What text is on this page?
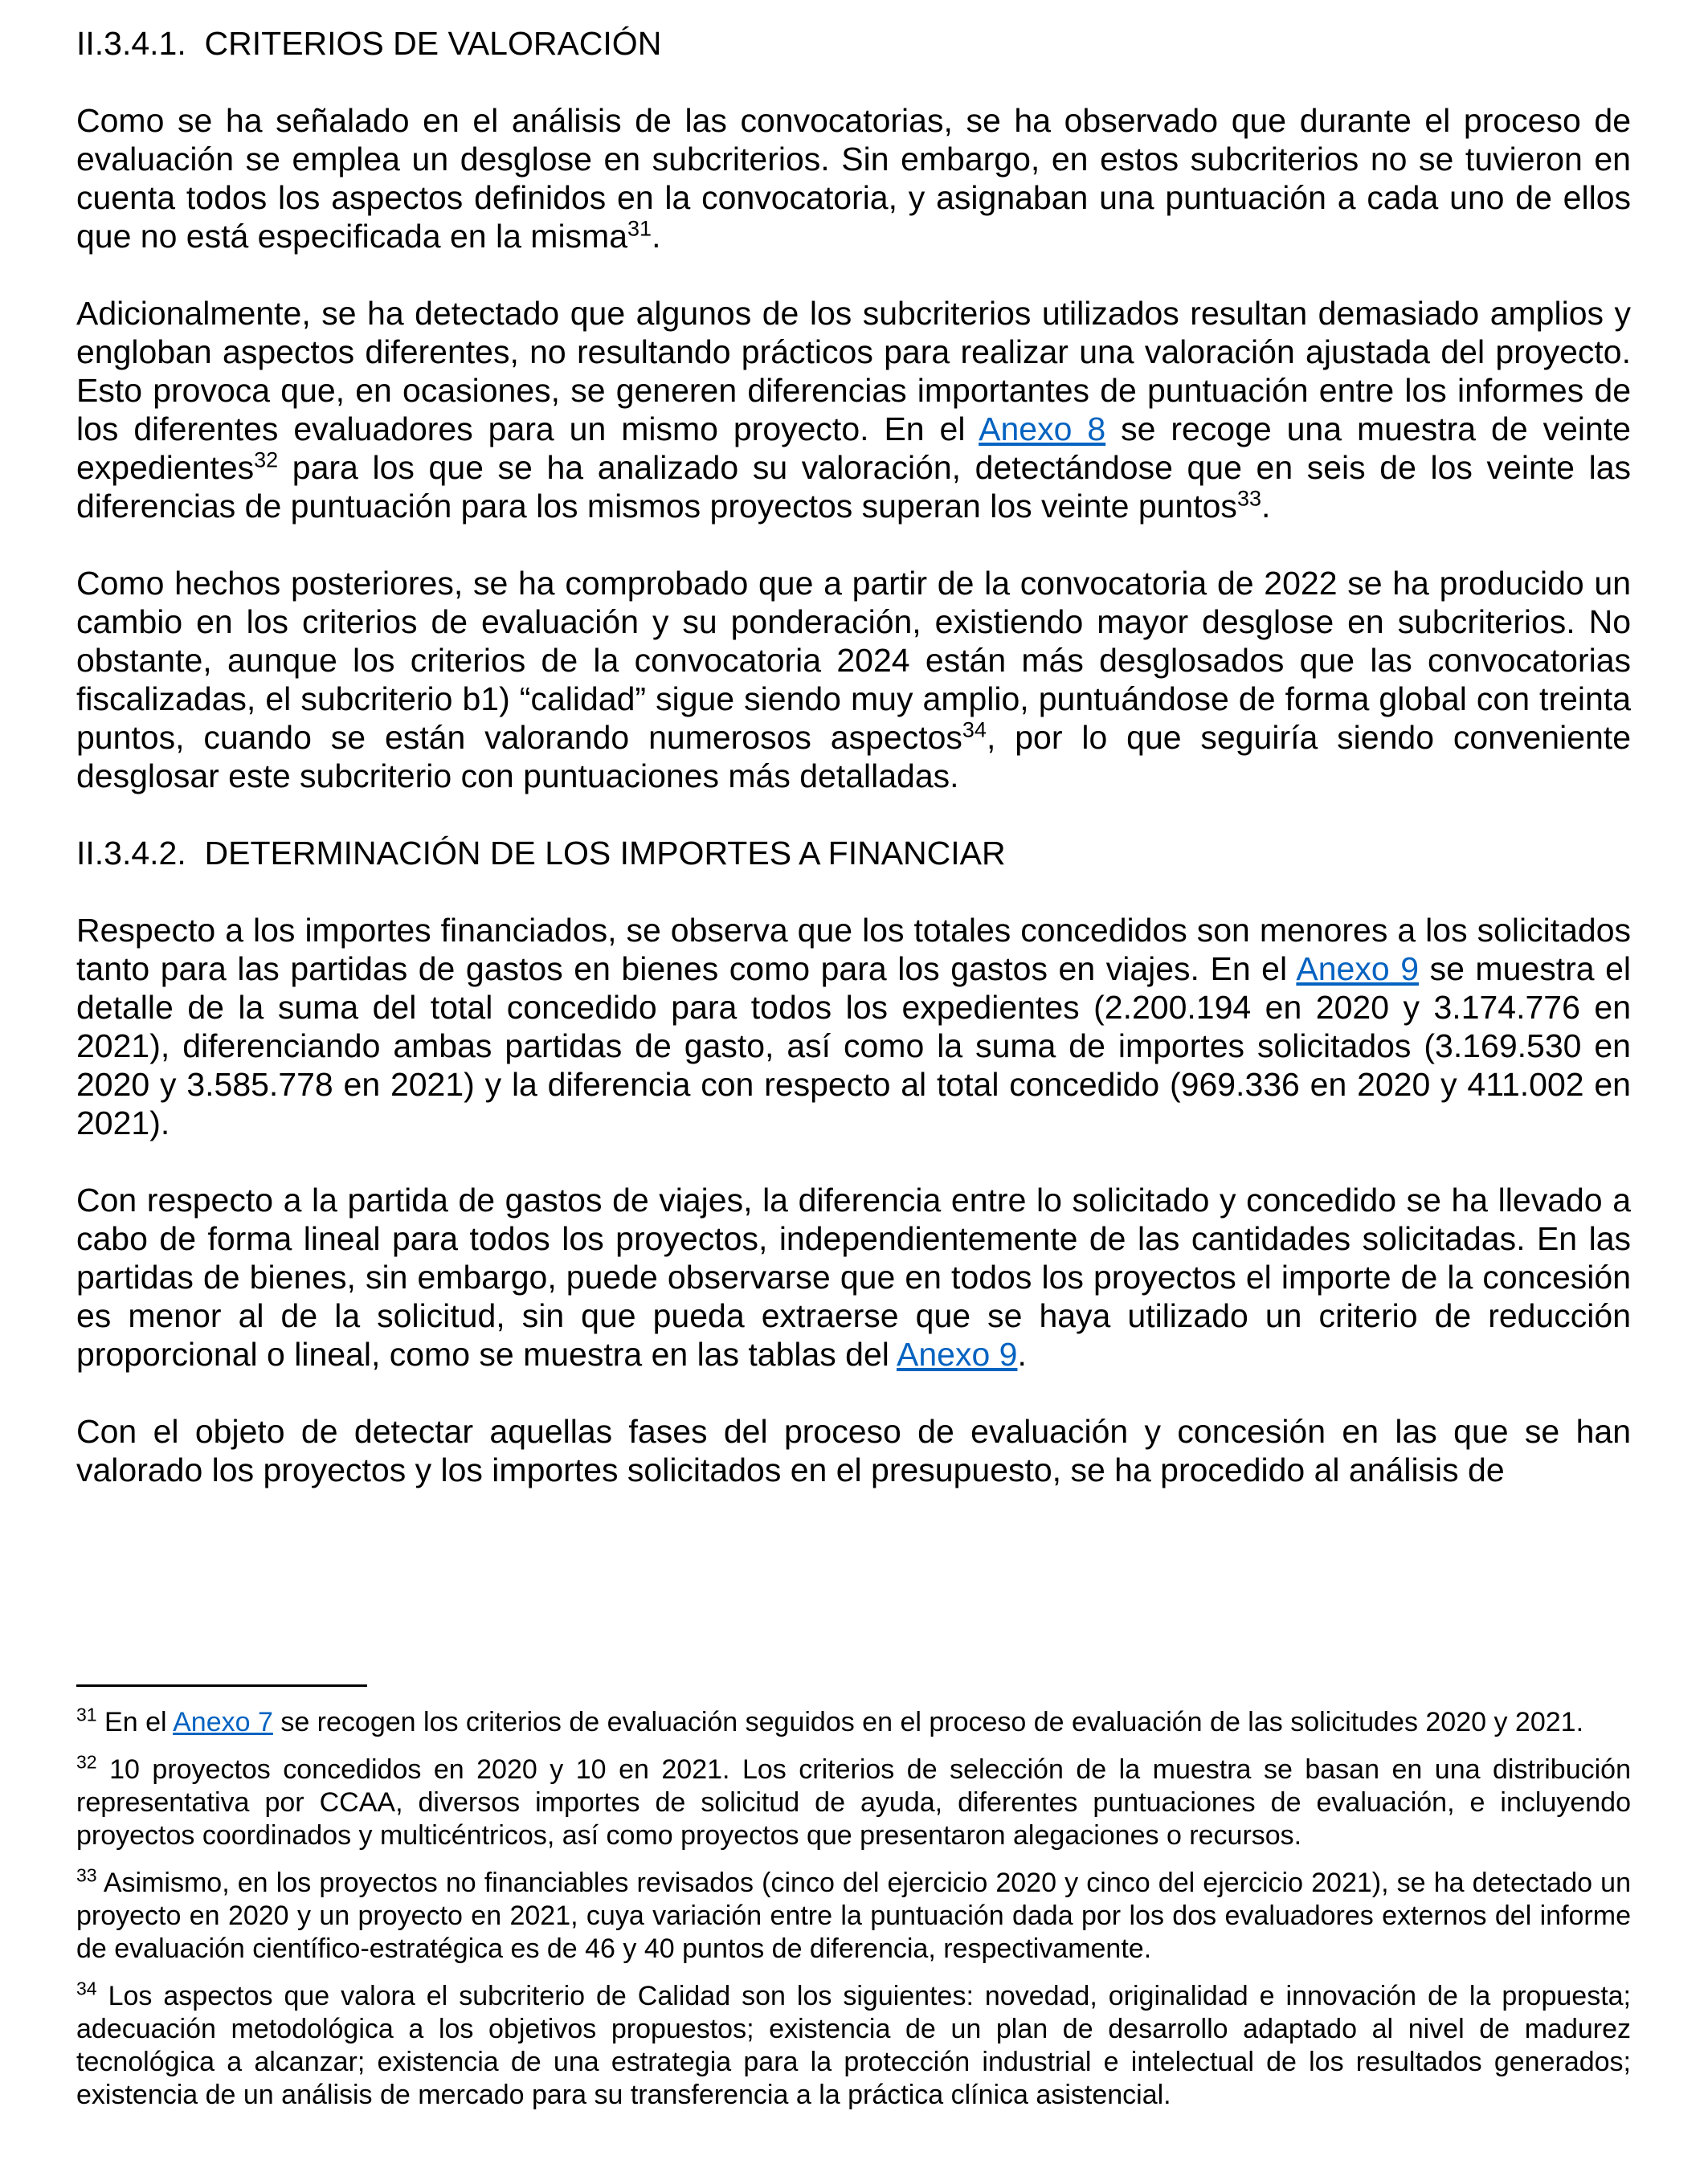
II.3.4.1.  CRITERIOS DE VALORACIÓN
Como se ha señalado en el análisis de las convocatorias, se ha observado que durante el proceso de evaluación se emplea un desglose en subcriterios. Sin embargo, en estos subcriterios no se tuvieron en cuenta todos los aspectos definidos en la convocatoria, y asignaban una puntuación a cada uno de ellos que no está especificada en la misma$^{31}$.
Adicionalmente, se ha detectado que algunos de los subcriterios utilizados resultan demasiado amplios y engloban aspectos diferentes, no resultando prácticos para realizar una valoración ajustada del proyecto. Esto provoca que, en ocasiones, se generen diferencias importantes de puntuación entre los informes de los diferentes evaluadores para un mismo proyecto. En el Anexo 8 se recoge una muestra de veinte expedientes$^{32}$ para los que se ha analizado su valoración, detectándose que en seis de los veinte las diferencias de puntuación para los mismos proyectos superan los veinte puntos$^{33}$.
Como hechos posteriores, se ha comprobado que a partir de la convocatoria de 2022 se ha producido un cambio en los criterios de evaluación y su ponderación, existiendo mayor desglose en subcriterios. No obstante, aunque los criterios de la convocatoria 2024 están más desglosados que las convocatorias fiscalizadas, el subcriterio b1) “calidad” sigue siendo muy amplio, puntuándose de forma global con treinta puntos, cuando se están valorando numerosos aspectos$^{34}$, por lo que seguiría siendo conveniente desglosar este subcriterio con puntuaciones más detalladas.
II.3.4.2.  DETERMINACIÓN DE LOS IMPORTES A FINANCIAR
Respecto a los importes financiados, se observa que los totales concedidos son menores a los solicitados tanto para las partidas de gastos en bienes como para los gastos en viajes. En el Anexo 9 se muestra el detalle de la suma del total concedido para todos los expedientes (2.200.194 en 2020 y 3.174.776 en 2021), diferenciando ambas partidas de gasto, así como la suma de importes solicitados (3.169.530 en 2020 y 3.585.778 en 2021) y la diferencia con respecto al total concedido (969.336 en 2020 y 411.002 en 2021).
Con respecto a la partida de gastos de viajes, la diferencia entre lo solicitado y concedido se ha llevado a cabo de forma lineal para todos los proyectos, independientemente de las cantidades solicitadas. En las partidas de bienes, sin embargo, puede observarse que en todos los proyectos el importe de la concesión es menor al de la solicitud, sin que pueda extraerse que se haya utilizado un criterio de reducción proporcional o lineal, como se muestra en las tablas del Anexo 9.
Con el objeto de detectar aquellas fases del proceso de evaluación y concesión en las que se han valorado los proyectos y los importes solicitados en el presupuesto, se ha procedido al análisis de
$^{31}$ En el Anexo 7 se recogen los criterios de evaluación seguidos en el proceso de evaluación de las solicitudes 2020 y 2021.
$^{32}$ 10 proyectos concedidos en 2020 y 10 en 2021. Los criterios de selección de la muestra se basan en una distribución representativa por CCAA, diversos importes de solicitud de ayuda, diferentes puntuaciones de evaluación, e incluyendo proyectos coordinados y multicéntricos, así como proyectos que presentaron alegaciones o recursos.
$^{33}$ Asimismo, en los proyectos no financiables revisados (cinco del ejercicio 2020 y cinco del ejercicio 2021), se ha detectado un proyecto en 2020 y un proyecto en 2021, cuya variación entre la puntuación dada por los dos evaluadores externos del informe de evaluación científico-estratégica es de 46 y 40 puntos de diferencia, respectivamente.
$^{34}$ Los aspectos que valora el subcriterio de Calidad son los siguientes: novedad, originalidad e innovación de la propuesta; adecuación metodológica a los objetivos propuestos; existencia de un plan de desarrollo adaptado al nivel de madurez tecnológica a alcanzar; existencia de una estrategia para la protección industrial e intelectual de los resultados generados; existencia de un análisis de mercado para su transferencia a la práctica clínica asistencial.
